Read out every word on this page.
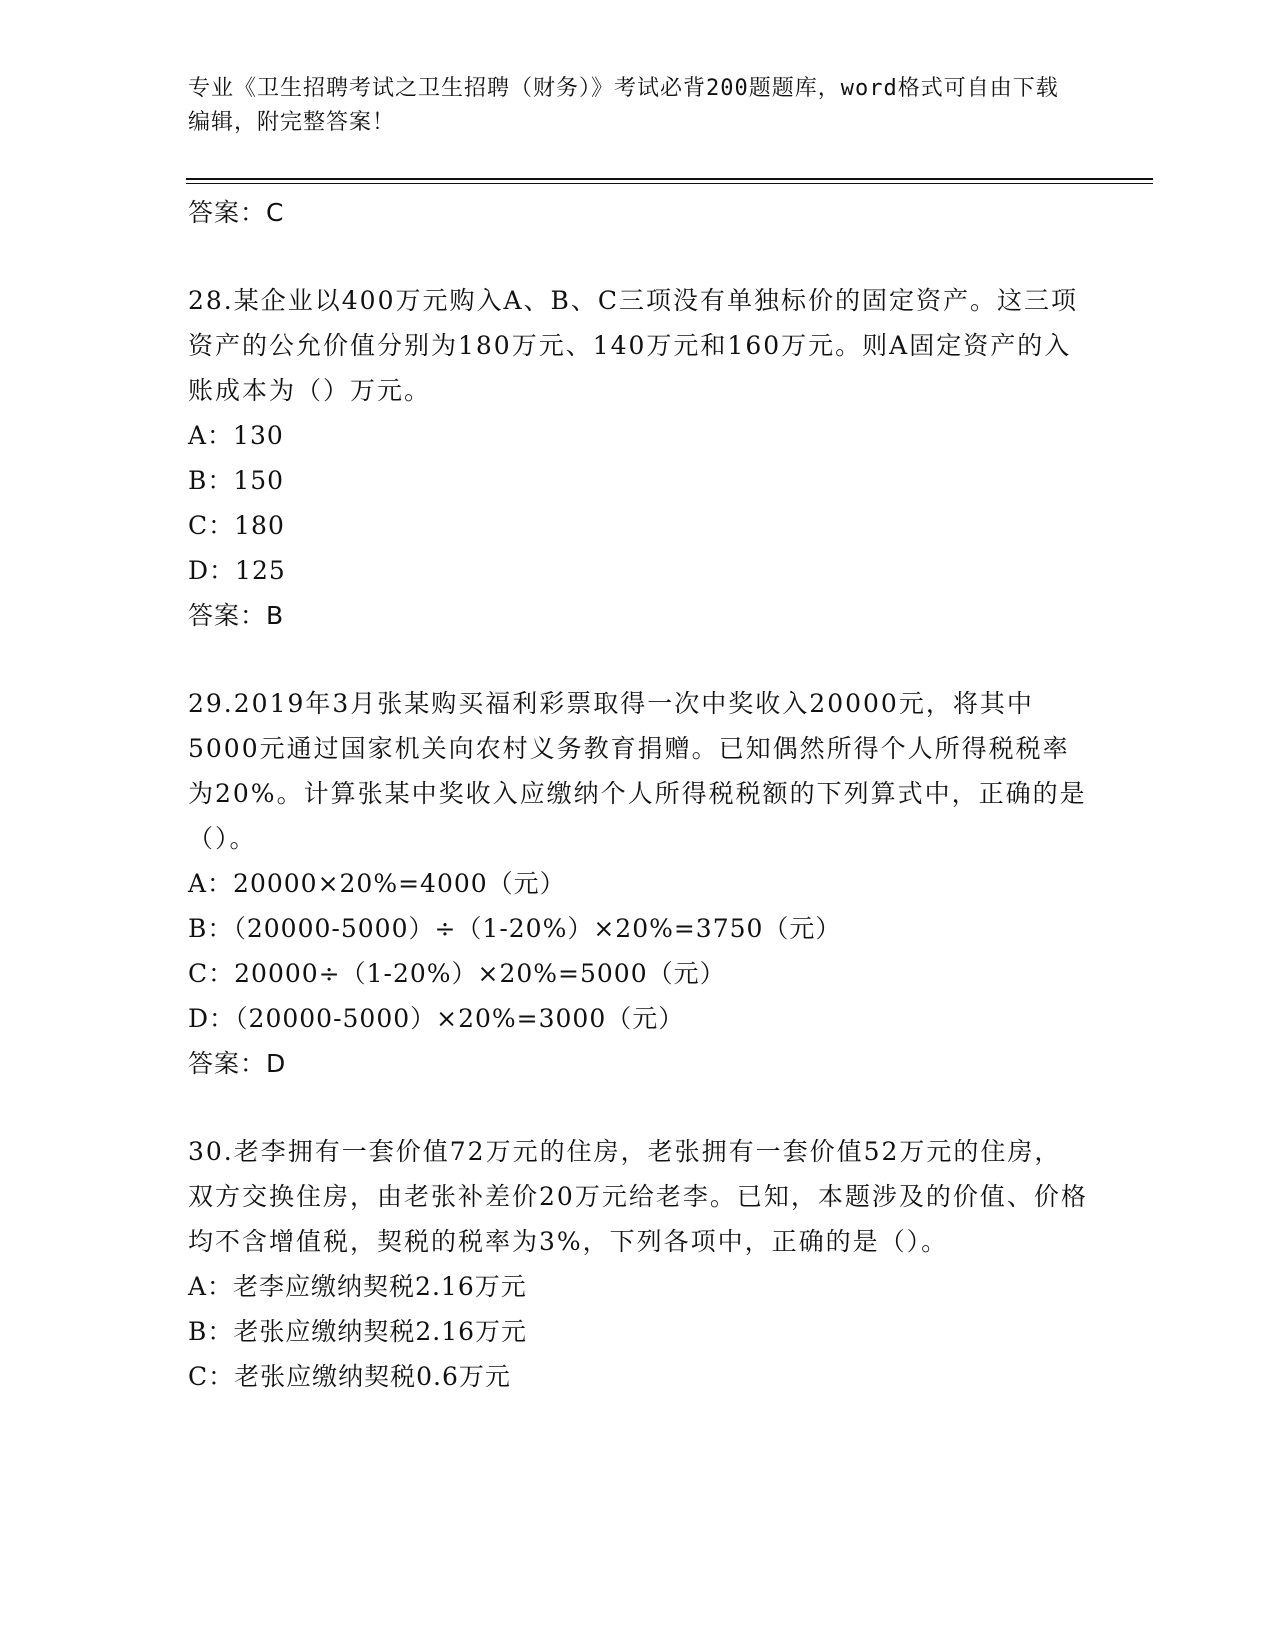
专业《卫生招聘考试之卫生招聘（财务）》考试必背200题题库，word格式可自由下载编辑，附完整答案！

答案：C

28.某企业以400万元购入A、B、C三项没有单独标价的固定资产。这三项资产的公允价值分别为180万元、140万元和160万元。则A固定资产的入账成本为（）万元。

A：130

B：150

C：180

D：125

答案：B

29.2019年3月张某购买福利彩票取得一次中奖收入20000元，将其中5000元通过国家机关向农村义务教育捐赠。已知偶然所得个人所得税税率为20%。计算张某中奖收入应缴纳个人所得税税额的下列算式中，正确的是（）。

A：20000×20%=4000（元）

B：（20000-5000）÷（1-20%）×20%=3750（元）

C：20000÷（1-20%）×20%=5000（元）

D：（20000-5000）×20%=3000（元）

答案：D

30.老李拥有一套价值72万元的住房，老张拥有一套价值52万元的住房，双方交换住房，由老张补差价20万元给老李。已知，本题涉及的价值、价格均不含增值税，契税的税率为3%，下列各项中，正确的是（）。

A：老李应缴纳契税2.16万元

B：老张应缴纳契税2.16万元

C：老张应缴纳契税0.6万元
